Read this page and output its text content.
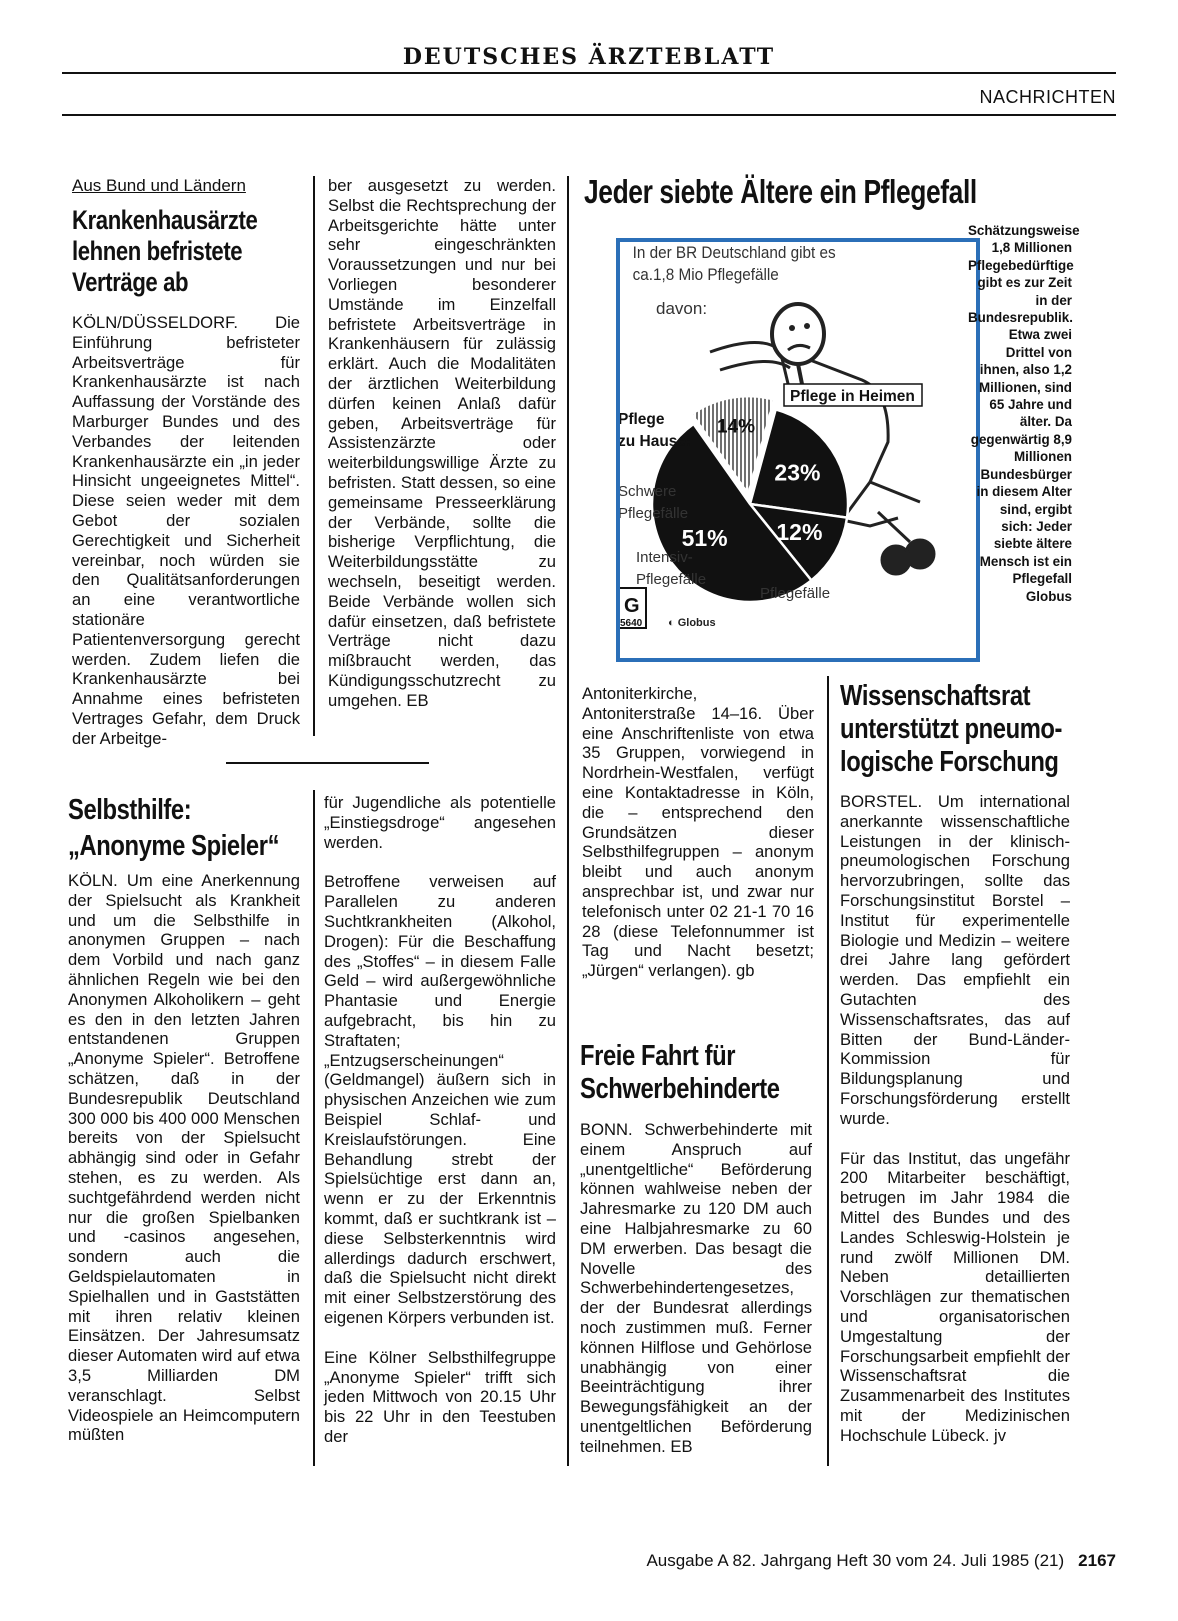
DEUTSCHES ÄRZTEBLATT
NACHRICHTEN
Aus Bund und Ländern
Krankenhausärzte
lehnen befristete
Verträge ab

KÖLN/DÜSSELDORF. Die Einführung befristeter Arbeitsverträge für Krankenhausärzte ist nach Auffassung der Vorstände des Marburger Bundes und des Verbandes der leitenden Krankenhausärzte ein „in jeder Hinsicht ungeeignetes Mittel“. Diese seien weder mit dem Gebot der sozialen Gerechtigkeit und Sicherheit vereinbar, noch würden sie den Qualitätsanforderungen an eine verantwortliche stationäre Patientenversorgung gerecht werden. Zudem liefen die Krankenhausärzte bei Annahme eines befristeten Vertrages Gefahr, dem Druck der Arbeitge-

ber ausgesetzt zu werden. Selbst die Rechtsprechung der Arbeitsgerichte hätte unter sehr eingeschränkten Voraussetzungen und nur bei Vorliegen besonderer Umstände im Einzelfall befristete Arbeitsverträge in Krankenhäusern für zulässig erklärt. Auch die Modalitäten der ärztlichen Weiterbildung dürfen keinen Anlaß dafür geben, Arbeitsverträge für Assistenzärzte oder weiterbildungswillige Ärzte zu befristen. Statt dessen, so eine gemeinsame Presseerklärung der Verbände, sollte die bisherige Verpflichtung, die Weiterbildungsstätte zu wechseln, beseitigt werden. Beide Verbände wollen sich dafür einsetzen, daß befristete Verträge nicht dazu mißbraucht werden, das Kündigungsschutzrecht zu umgehen. EB

Selbsthilfe:
„Anonyme Spieler“

KÖLN. Um eine Anerkennung der Spielsucht als Krankheit und um die Selbsthilfe in anonymen Gruppen – nach dem Vorbild und nach ganz ähnlichen Regeln wie bei den Anonymen Alkoholikern – geht es den in den letzten Jahren entstandenen Gruppen „Anonyme Spieler“. Betroffene schätzen, daß in der Bundesrepublik Deutschland 300 000 bis 400 000 Menschen bereits von der Spielsucht abhängig sind oder in Gefahr stehen, es zu werden. Als suchtgefährdend werden nicht nur die großen Spielbanken und -casinos angesehen, sondern auch die Geldspielautomaten in Spielhallen und in Gaststätten mit ihren relativ kleinen Einsätzen. Der Jahresumsatz dieser Automaten wird auf etwa 3,5 Milliarden DM veranschlagt. Selbst Videospiele an Heimcomputern müßten

für Jugendliche als potentielle „Einstiegsdroge“ angesehen werden.

Betroffene verweisen auf Parallelen zu anderen Suchtkrankheiten (Alkohol, Drogen): Für die Beschaffung des „Stoffes“ – in diesem Falle Geld – wird außergewöhnliche Phantasie und Energie aufgebracht, bis hin zu Straftaten; „Entzugserscheinungen“ (Geldmangel) äußern sich in physischen Anzeichen wie zum Beispiel Schlaf- und Kreislaufstörungen. Eine Behandlung strebt der Spielsüchtige erst dann an, wenn er zu der Erkenntnis kommt, daß er suchtkrank ist – diese Selbsterkenntnis wird allerdings dadurch erschwert, daß die Spielsucht nicht direkt mit einer Selbstzerstörung des eigenen Körpers verbunden ist.

Eine Kölner Selbsthilfegruppe „Anonyme Spieler“ trifft sich jeden Mittwoch von 20.15 Uhr bis 22 Uhr in den Teestuben der

Antoniterkirche, Antoniterstraße 14–16. Über eine Anschriftenliste von etwa 35 Gruppen, vorwiegend in Nordrhein-Westfalen, verfügt eine Kontaktadresse in Köln, die – entsprechend den Grundsätzen dieser Selbsthilfegruppen – anonym bleibt und auch anonym ansprechbar ist, und zwar nur telefonisch unter 02 21-1 70 16 28 (diese Telefonnummer ist Tag und Nacht besetzt; „Jürgen“ verlangen). gb

Jeder siebte Ältere ein Pflegefall
14%
23%
12%
51%
In der BR Deutschland gibt es
ca.1,8 Mio Pflegefälle
davon:
Pflege
zu Hause:
Schwere
Pflegefälle
Intensiv-
Pflegefälle
Pflegefälle
Pflege in Heimen
G
5640 ◐ Globus
Schätzungsweise 1,8 Millionen Pflegebedürftige gibt es zur Zeit in der Bundesrepublik. Etwa zwei Drittel von ihnen, also 1,2 Millionen, sind 65 Jahre und älter. Da gegenwärtig 8,9 Millionen Bundesbürger in diesem Alter sind, ergibt sich: Jeder siebte ältere Mensch ist ein Pflegefall Globus
Freie Fahrt für
Schwerbehinderte

BONN. Schwerbehinderte mit einem Anspruch auf „unentgeltliche“ Beförderung können wahlweise neben der Jahresmarke zu 120 DM auch eine Halbjahresmarke zu 60 DM erwerben. Das besagt die Novelle des Schwerbehindertengesetzes, der der Bundesrat allerdings noch zustimmen muß. Ferner können Hilflose und Gehörlose unabhängig von einer Beeinträchtigung ihrer Bewegungsfähigkeit an der unentgeltlichen Beförderung teilnehmen. EB

Wissenschaftsrat
unterstützt pneumo-
logische Forschung

BORSTEL. Um international anerkannte wissenschaftliche Leistungen in der klinisch-pneumologischen Forschung hervorzubringen, sollte das Forschungsinstitut Borstel – Institut für experimentelle Biologie und Medizin – weitere drei Jahre lang gefördert werden. Das empfiehlt ein Gutachten des Wissenschaftsrates, das auf Bitten der Bund-Länder-Kommission für Bildungsplanung und Forschungsförderung erstellt wurde.

Für das Institut, das ungefähr 200 Mitarbeiter beschäftigt, betrugen im Jahr 1984 die Mittel des Bundes und des Landes Schleswig-Holstein je rund zwölf Millionen DM. Neben detaillierten Vorschlägen zur thematischen und organisatorischen Umgestaltung der Forschungsarbeit empfiehlt der Wissenschaftsrat die Zusammenarbeit des Institutes mit der Medizinischen Hochschule Lübeck. jv

Ausgabe A 82. Jahrgang Heft 30 vom 24. Juli 1985 (21) 2167
